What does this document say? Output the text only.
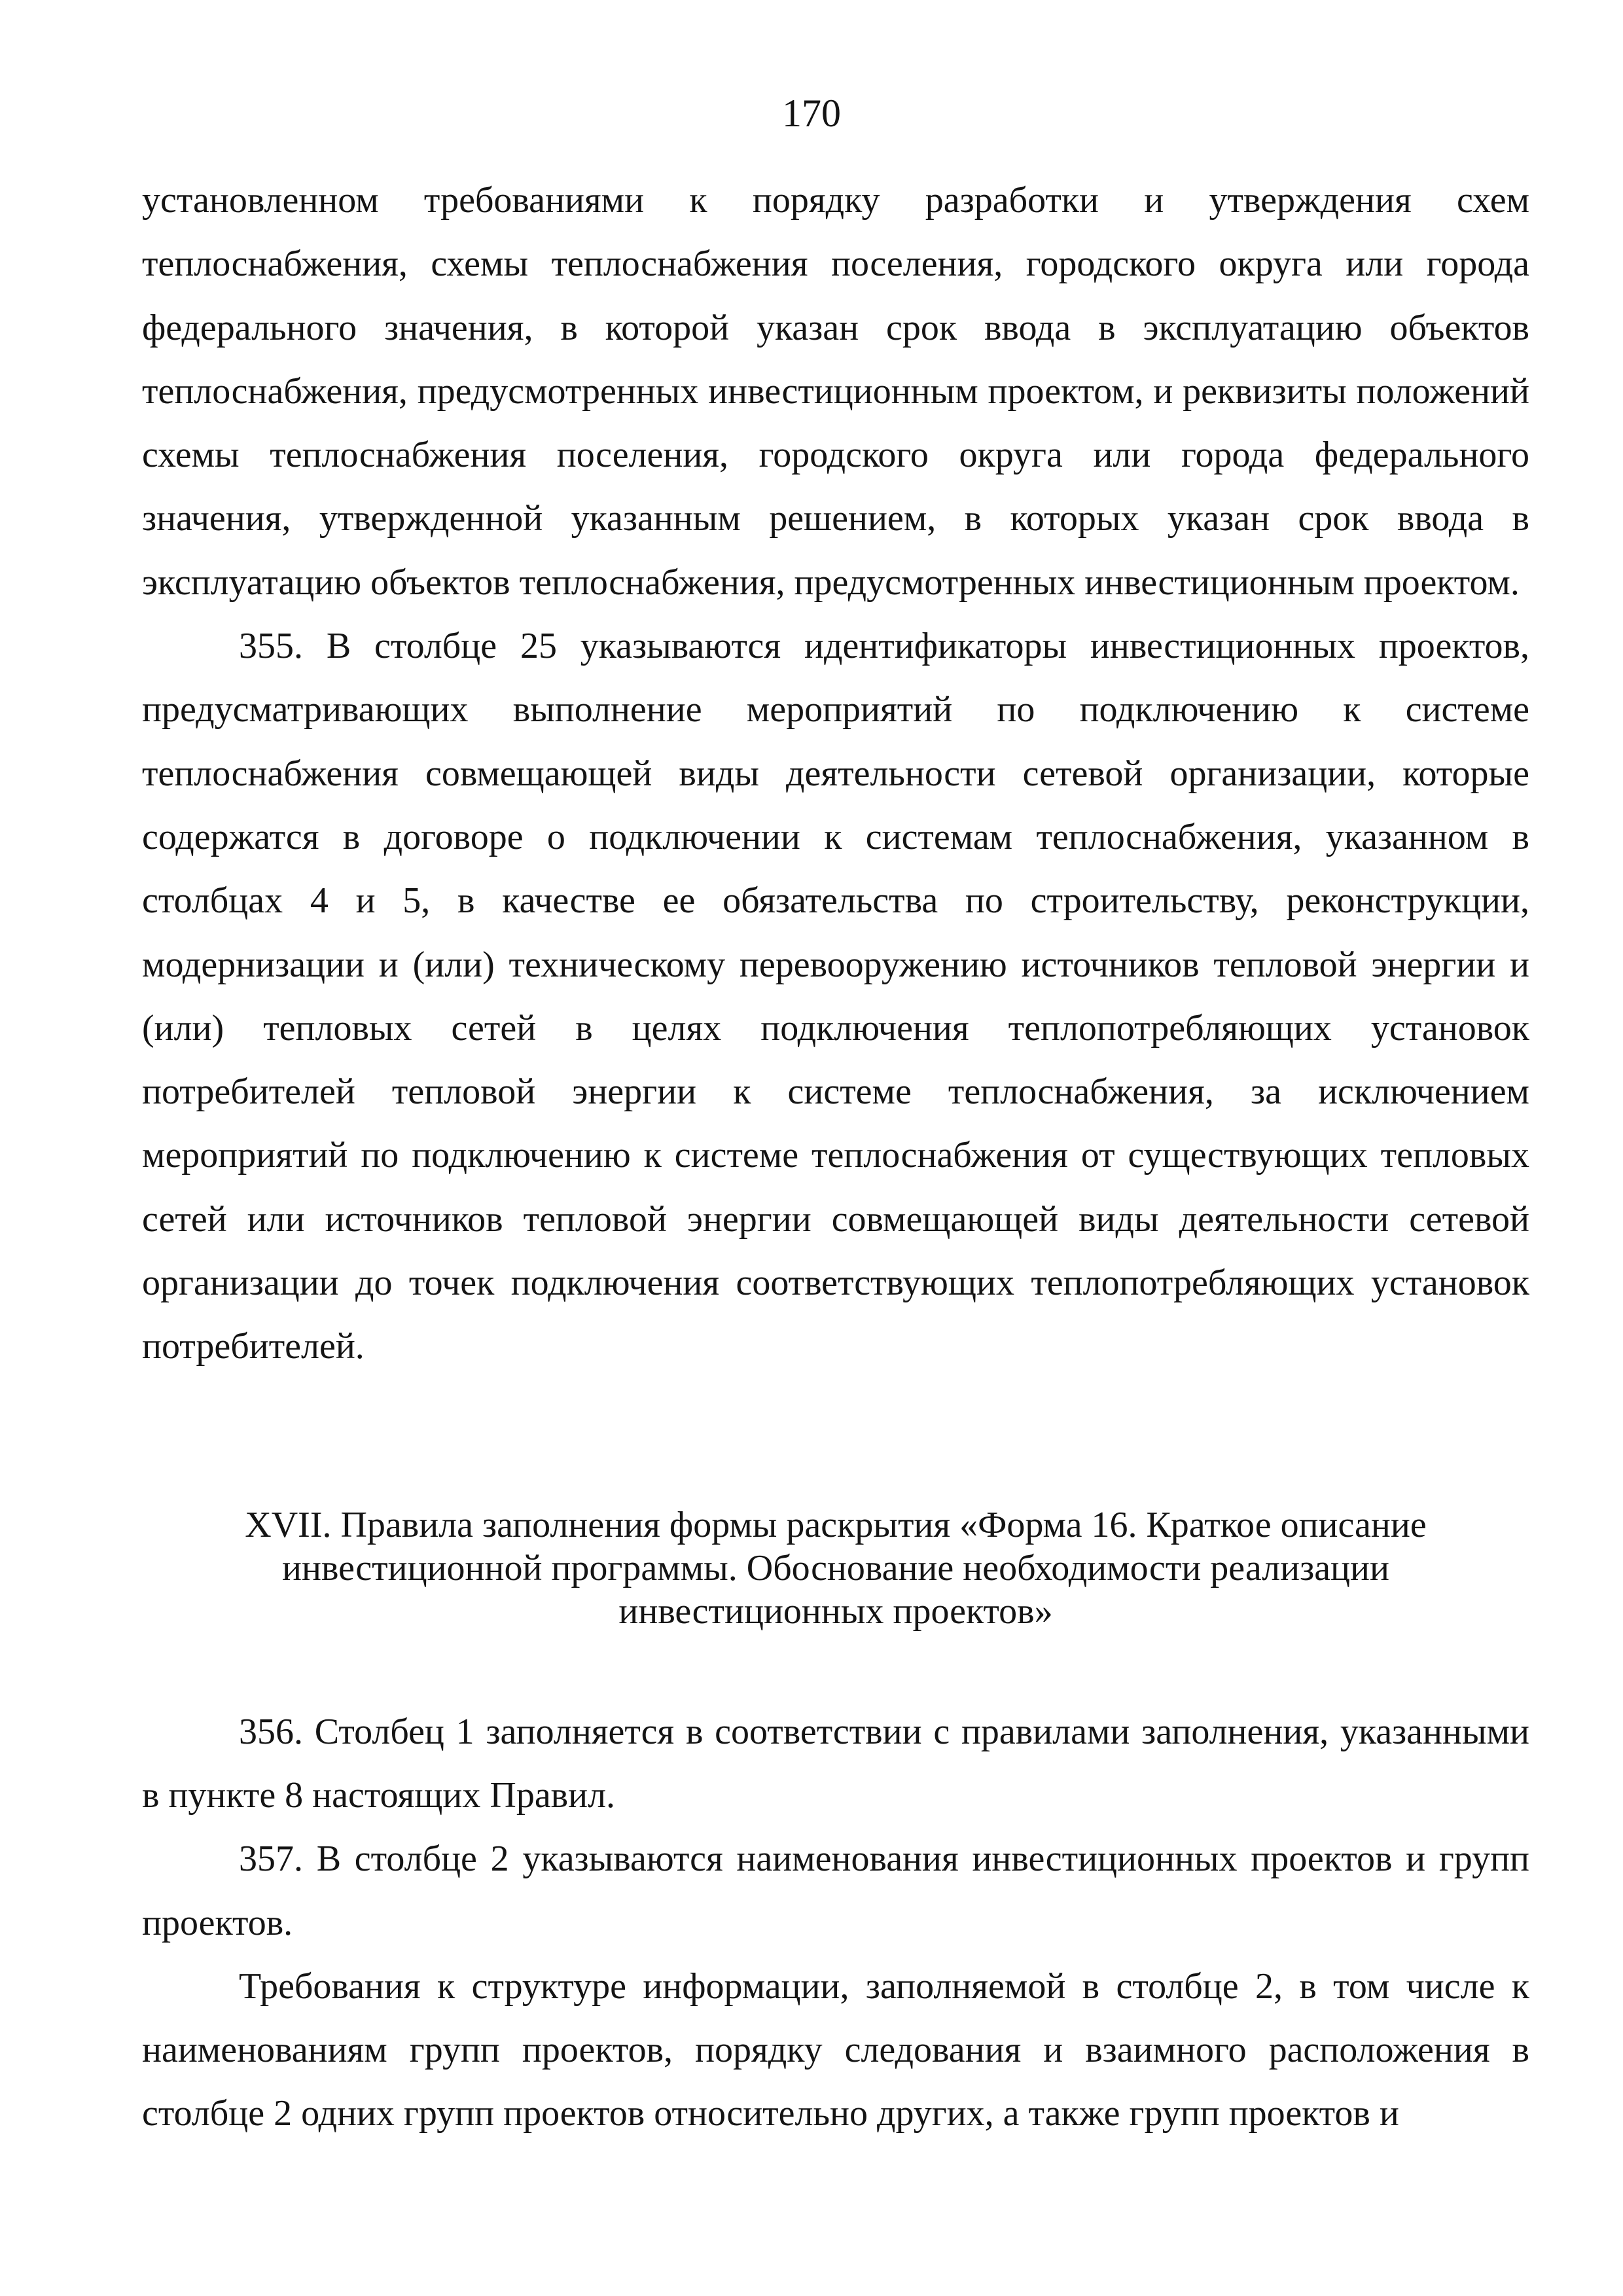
170

установленном требованиями к порядку разработки и утверждения схем теплоснабжения, схемы теплоснабжения поселения, городского округа или города федерального значения, в которой указан срок ввода в эксплуатацию объектов теплоснабжения, предусмотренных инвестиционным проектом, и реквизиты положений схемы теплоснабжения поселения, городского округа или города федерального значения, утвержденной указанным решением, в которых указан срок ввода в эксплуатацию объектов теплоснабжения, предусмотренных инвестиционным проектом.

355. В столбце 25 указываются идентификаторы инвестиционных проектов, предусматривающих выполнение мероприятий по подключению к системе теплоснабжения совмещающей виды деятельности сетевой организации, которые содержатся в договоре о подключении к системам теплоснабжения, указанном в столбцах 4 и 5, в качестве ее обязательства по строительству, реконструкции, модернизации и (или) техническому перевооружению источников тепловой энергии и (или) тепловых сетей в целях подключения теплопотребляющих установок потребителей тепловой энергии к системе теплоснабжения, за исключением мероприятий по подключению к системе теплоснабжения от существующих тепловых сетей или источников тепловой энергии совмещающей виды деятельности сетевой организации до точек подключения соответствующих теплопотребляющих установок потребителей.

XVII. Правила заполнения формы раскрытия «Форма 16. Краткое описание инвестиционной программы. Обоснование необходимости реализации инвестиционных проектов»

356. Столбец 1 заполняется в соответствии с правилами заполнения, указанными в пункте 8 настоящих Правил.

357. В столбце 2 указываются наименования инвестиционных проектов и групп проектов.

Требования к структуре информации, заполняемой в столбце 2, в том числе к наименованиям групп проектов, порядку следования и взаимного расположения в столбце 2 одних групп проектов относительно других, а также групп проектов и
